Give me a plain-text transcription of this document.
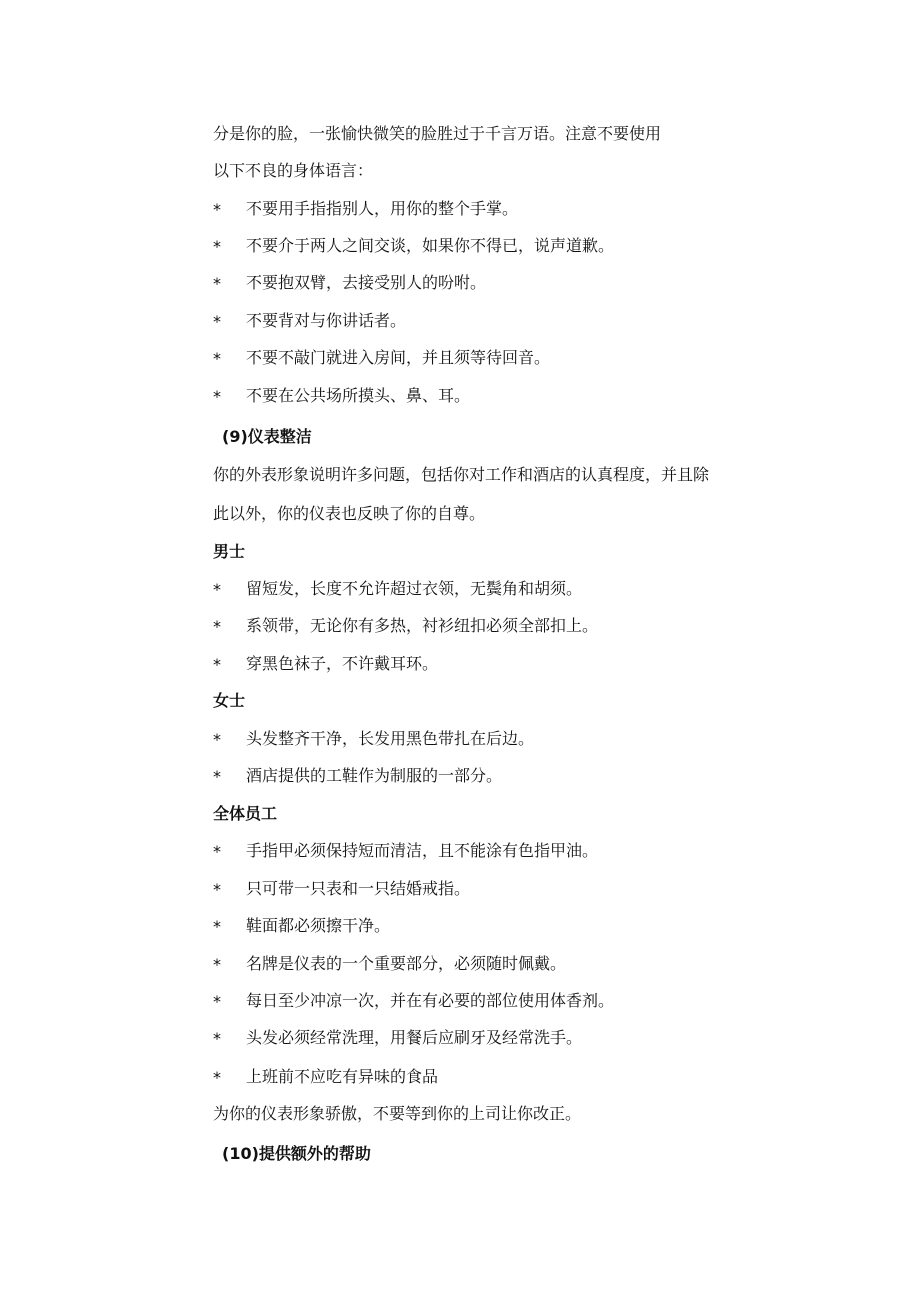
分是你的脸，一张愉快微笑的脸胜过于千言万语。注意不要使用
以下不良的身体语言：
* 不要用手指指别人，用你的整个手掌。
* 不要介于两人之间交谈，如果你不得已，说声道歉。
* 不要抱双臂，去接受别人的吩咐。
* 不要背对与你讲话者。
* 不要不敲门就进入房间，并且须等待回音。
* 不要在公共场所摸头、鼻、耳。
(9)仪表整洁
你的外表形象说明许多问题，包括你对工作和酒店的认真程度，并且除
此以外，你的仪表也反映了你的自尊。
男士
* 留短发，长度不允许超过衣领，无鬓角和胡须。
* 系领带，无论你有多热，衬衫纽扣必须全部扣上。
* 穿黑色袜子，不许戴耳环。
女士
* 头发整齐干净，长发用黑色带扎在后边。
* 酒店提供的工鞋作为制服的一部分。
全体员工
* 手指甲必须保持短而清洁，且不能涂有色指甲油。
* 只可带一只表和一只结婚戒指。
* 鞋面都必须擦干净。
* 名牌是仪表的一个重要部分，必须随时佩戴。
* 每日至少冲凉一次，并在有必要的部位使用体香剂。
* 头发必须经常洗理，用餐后应刷牙及经常洗手。
* 上班前不应吃有异味的食品
为你的仪表形象骄傲，不要等到你的上司让你改正。
(10)提供额外的帮助
